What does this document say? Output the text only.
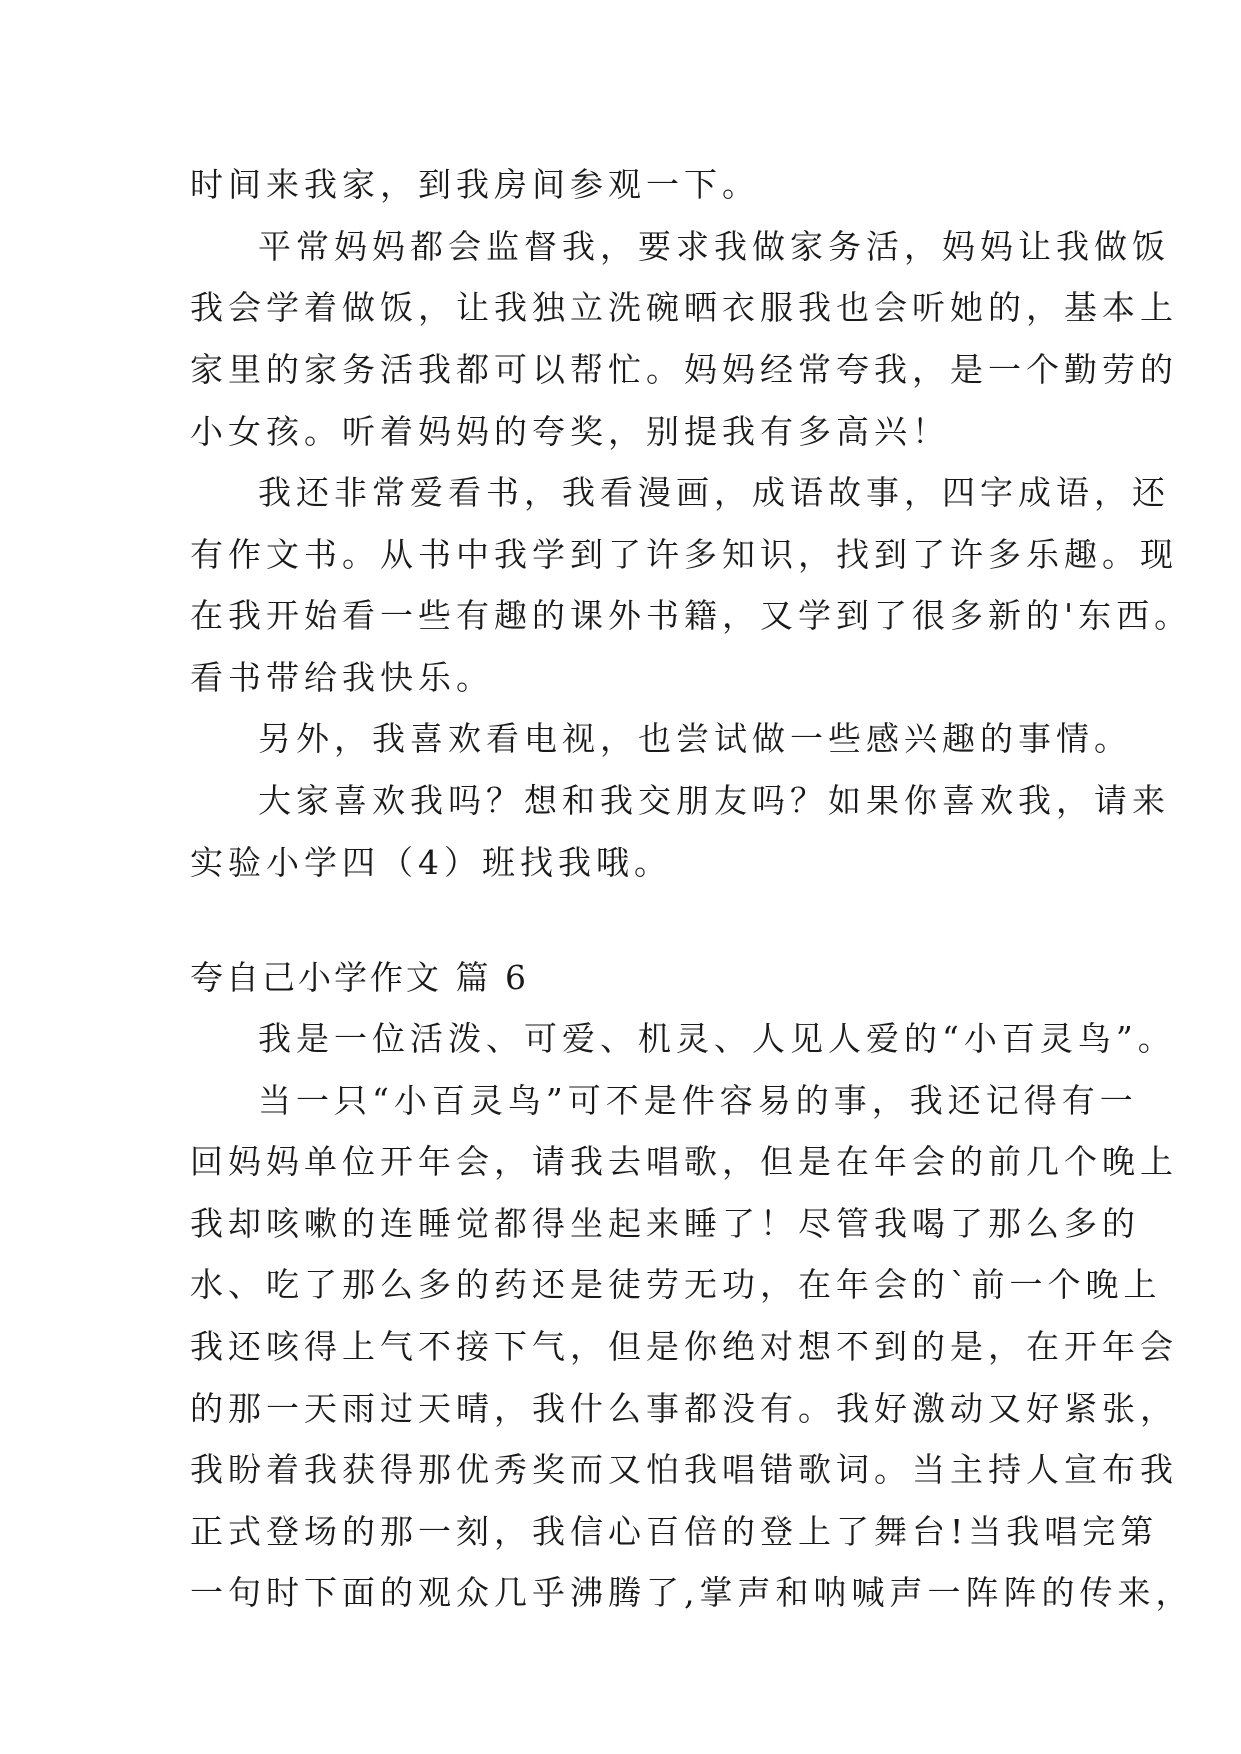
时间来我家，到我房间参观一下。
平常妈妈都会监督我，要求我做家务活，妈妈让我做饭
我会学着做饭，让我独立洗碗晒衣服我也会听她的，基本上
家里的家务活我都可以帮忙。妈妈经常夸我，是一个勤劳的
小女孩。听着妈妈的夸奖，别提我有多高兴！
我还非常爱看书，我看漫画，成语故事，四字成语，还
有作文书。从书中我学到了许多知识，找到了许多乐趣。现
在我开始看一些有趣的课外书籍，又学到了很多新的'东西。
看书带给我快乐。
另外，我喜欢看电视，也尝试做一些感兴趣的事情。
大家喜欢我吗？想和我交朋友吗？如果你喜欢我，请来
实验小学四（4）班找我哦。
夸自己小学作文 篇 6
我是一位活泼、可爱、机灵、人见人爱的“小百灵鸟”。
当一只“小百灵鸟”可不是件容易的事，我还记得有一
回妈妈单位开年会，请我去唱歌，但是在年会的前几个晚上
我却咳嗽的连睡觉都得坐起来睡了！尽管我喝了那么多的
水、吃了那么多的药还是徒劳无功，在年会的`前一个晚上
我还咳得上气不接下气，但是你绝对想不到的是，在开年会
的那一天雨过天晴，我什么事都没有。我好激动又好紧张，
我盼着我获得那优秀奖而又怕我唱错歌词。当主持人宣布我
正式登场的那一刻，我信心百倍的登上了舞台!当我唱完第
一句时下面的观众几乎沸腾了,掌声和呐喊声一阵阵的传来，
